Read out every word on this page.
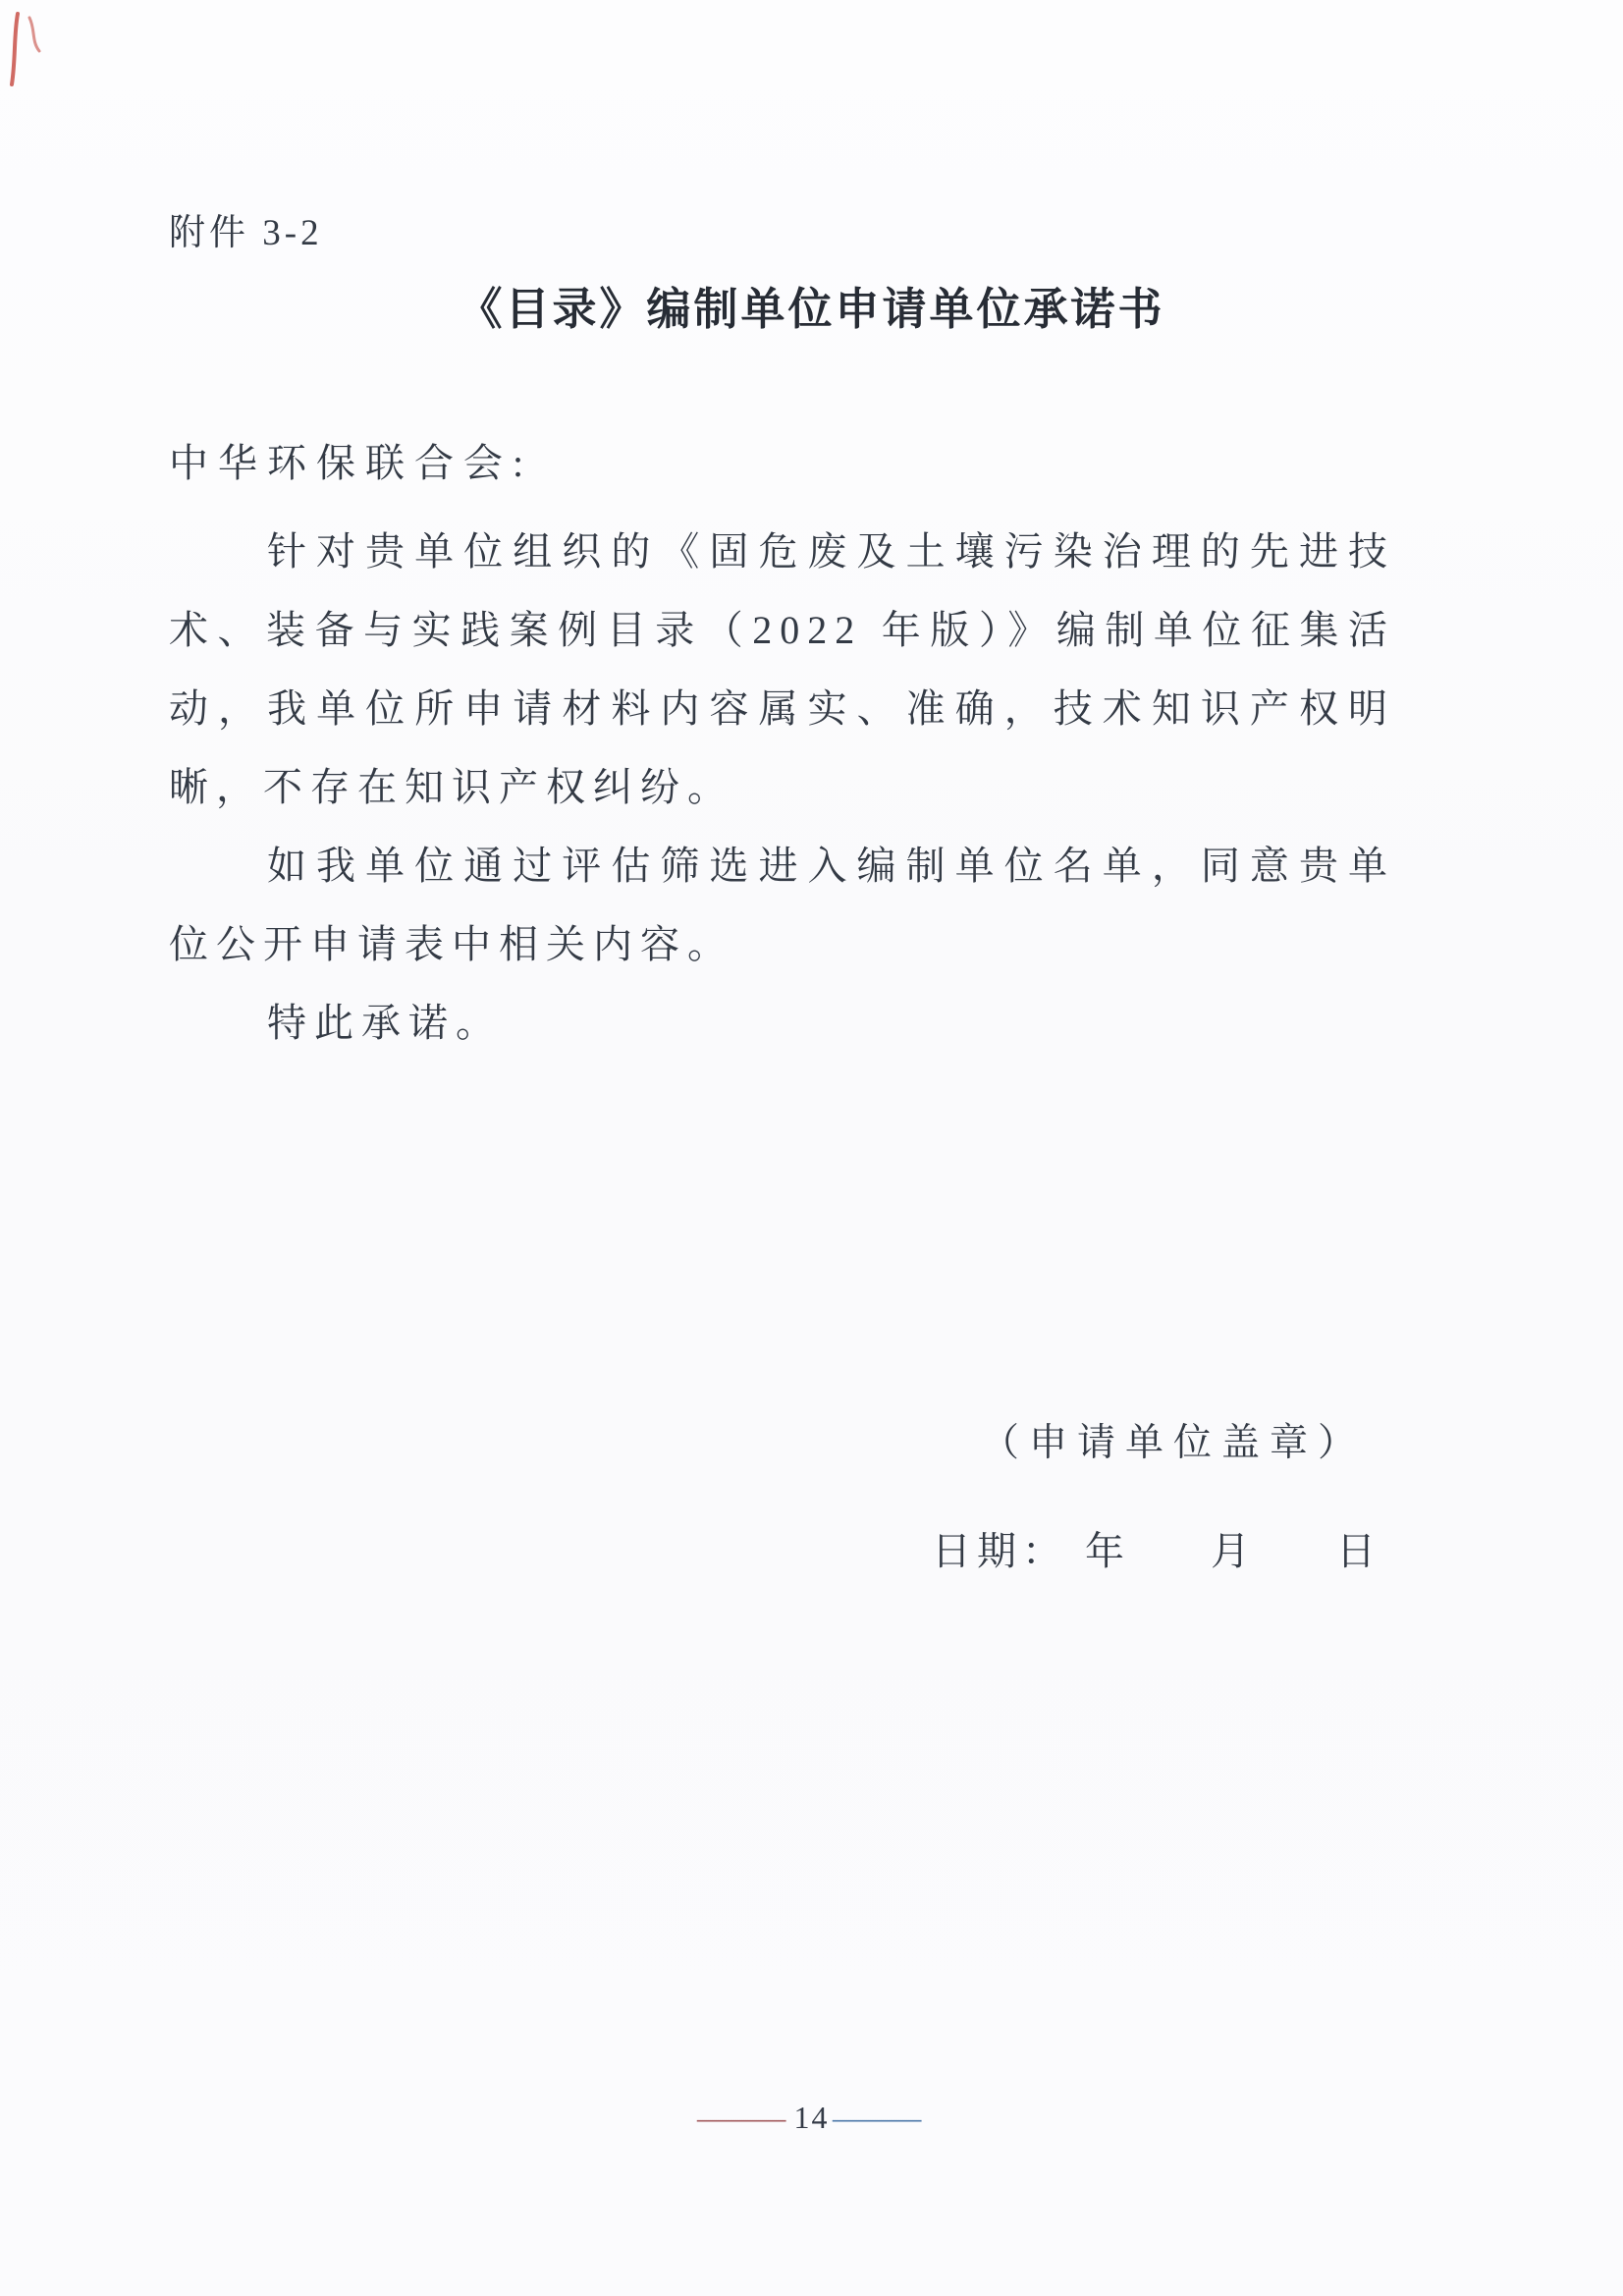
附件 3-2
《目录》编制单位申请单位承诺书

中华环保联合会:

针对贵单位组织的《固危废及土壤污染治理的先进技术、装备与实践案例目录（2022 年版）》编制单位征集活动，我单位所申请材料内容属实、准确，技术知识产权明晰，不存在知识产权纠纷。

如我单位通过评估筛选进入编制单位名单，同意贵单位公开申请表中相关内容。

特此承诺。

（申请单位盖章）
日期： 年 月 日
— 14 —
